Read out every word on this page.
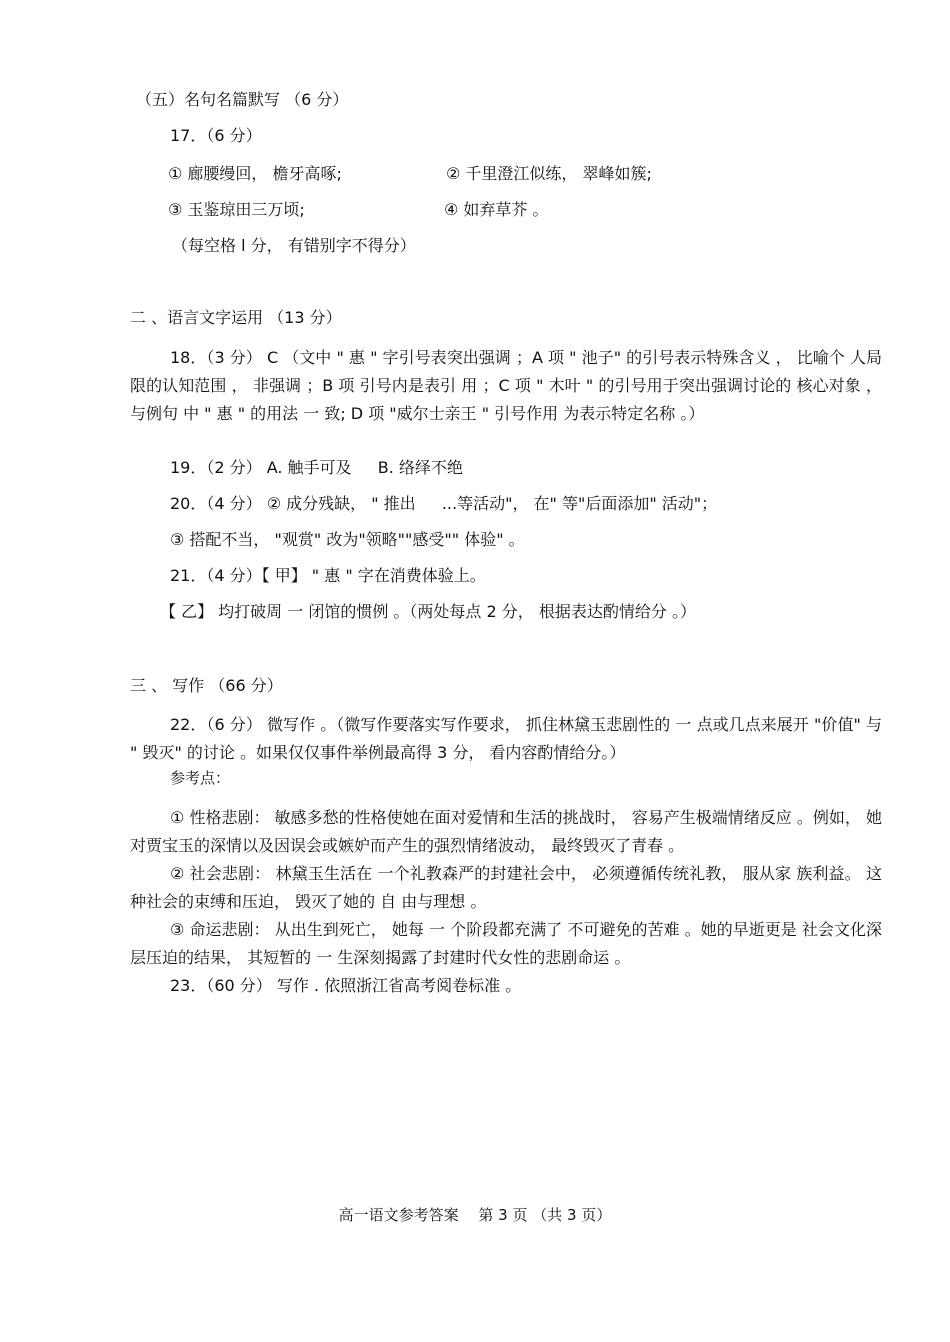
（五）名句名篇默写 （6 分）
17．（6 分）
① 廊腰缦回， 檐牙高啄;	② 千里澄江似练， 翠峰如簇;
③ 玉鉴琼田三万顷;	④ 如弃草芥 。
（每空格 l 分， 有错别字不得分）
二 、语言文字运用 （13 分）
18．（3 分） C （文中 " 惠 " 字引号表突出强调 ；A 项 " 池子" 的引号表示特殊含义 ， 比喻个 人局限的认知范围 ， 非强调 ；B 项 引号内是表引 用 ；C 项 " 木叶 " 的引号用于突出强调讨论的 核心对象 ， 与例句 中 " 惠 " 的用法 一 致; D 项 "威尔士亲王 " 引号作用 为表示特定名称 。）
19．（2 分） A. 触手可及 　 B. 络绎不绝
20．（4 分） ② 成分残缺， " 推出 　 ...等活动"， 在" 等"后面添加" 活动"；
③ 搭配不当， "观赏" 改为"领略""感受"" 体验" 。
21．（4 分）【 甲】 " 惠 " 字在消费体验上。
【 乙】 均打破周 一 闭馆的惯例 。（两处每点 2 分， 根据表达酌情给分 。）
三 、 写作 （66 分）
22．（6 分） 微写作 。（微写作要落实写作要求， 抓住林黛玉悲剧性的 一 点或几点来展开 "价值" 与 " 毁灭" 的讨论 。如果仅仅事件举例最高得 3 分， 看内容酌情给分。）
参考点：
① 性格悲剧： 敏感多愁的性格使她在面对爱情和生活的挑战时， 容易产生极端情绪反应 。例如， 她对贾宝玉的深情以及因误会或嫉妒而产生的强烈情绪波动， 最终毁灭了青春 。
② 社会悲剧： 林黛玉生活在 一个礼教森严的封建社会中， 必须遵循传统礼教， 服从家 族利益。 这种社会的束缚和压迫， 毁灭了她的 自 由与理想 。
③ 命运悲剧： 从出生到死亡， 她每 一 个阶段都充满了 不可避免的苦难 。她的早逝更是 社会文化深层压迫的结果， 其短暂的 一 生深刻揭露了封建时代女性的悲剧命运 。
23．（60 分） 写作 . 依照浙江省高考阅卷标准 。
高一语文参考答案 　第 3 页 （共 3 页）
